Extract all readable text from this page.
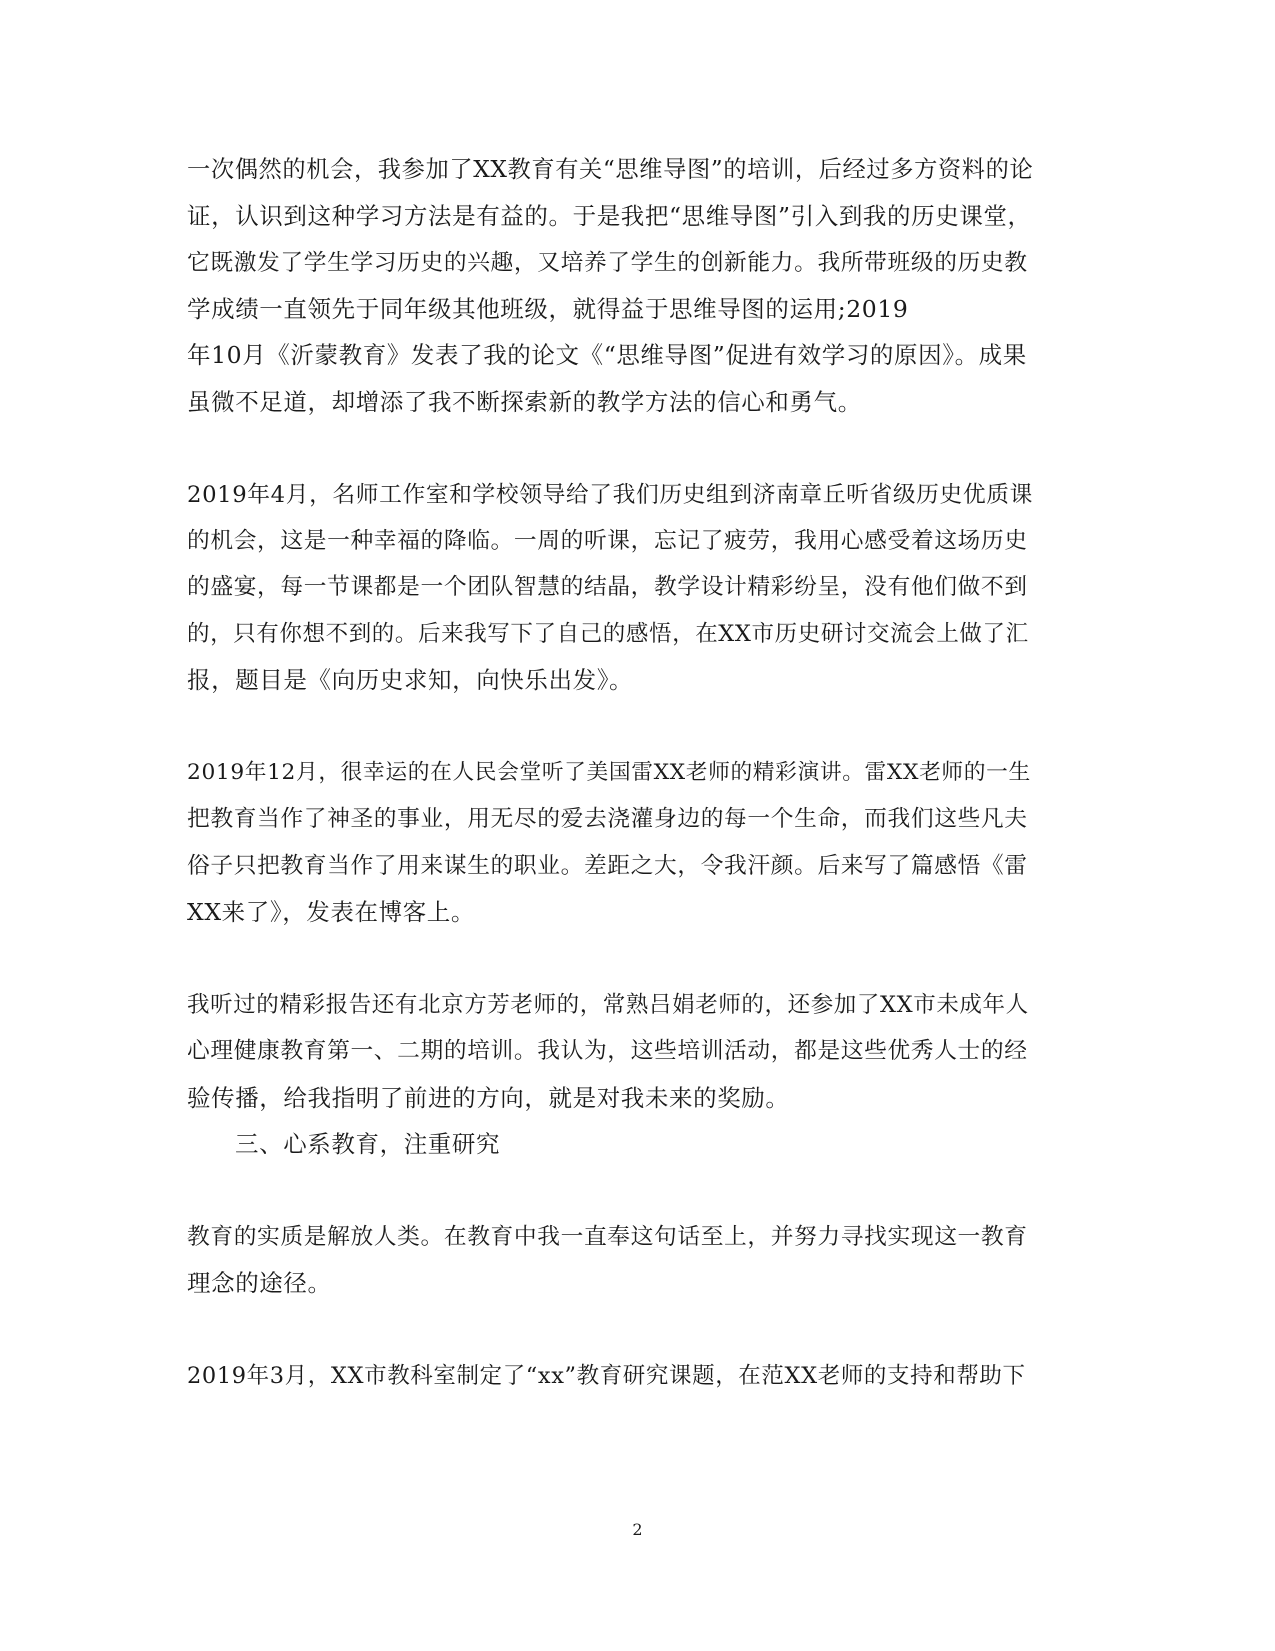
一次偶然的机会，我参加了XX教育有关“思维导图”的培训，后经过多方资料的论
证，认识到这种学习方法是有益的。于是我把“思维导图”引入到我的历史课堂，
它既激发了学生学习历史的兴趣，又培养了学生的创新能力。我所带班级的历史教
学成绩一直领先于同年级其他班级，就得益于思维导图的运用;2019
年10月《沂蒙教育》发表了我的论文《“思维导图”促进有效学习的原因》。成果
虽微不足道，却增添了我不断探索新的教学方法的信心和勇气。
2019年4月，名师工作室和学校领导给了我们历史组到济南章丘听省级历史优质课
的机会，这是一种幸福的降临。一周的听课，忘记了疲劳，我用心感受着这场历史
的盛宴，每一节课都是一个团队智慧的结晶，教学设计精彩纷呈，没有他们做不到
的，只有你想不到的。后来我写下了自己的感悟，在XX市历史研讨交流会上做了汇
报，题目是《向历史求知，向快乐出发》。
2019年12月，很幸运的在人民会堂听了美国雷XX老师的精彩演讲。雷XX老师的一生
把教育当作了神圣的事业，用无尽的爱去浇灌身边的每一个生命，而我们这些凡夫
俗子只把教育当作了用来谋生的职业。差距之大，令我汗颜。后来写了篇感悟《雷
XX来了》，发表在博客上。
我听过的精彩报告还有北京方芳老师的，常熟吕娟老师的，还参加了XX市未成年人
心理健康教育第一、二期的培训。我认为，这些培训活动，都是这些优秀人士的经
验传播，给我指明了前进的方向，就是对我未来的奖励。
三、心系教育，注重研究
教育的实质是解放人类。在教育中我一直奉这句话至上，并努力寻找实现这一教育
理念的途径。
2019年3月，XX市教科室制定了“xx”教育研究课题，在范XX老师的支持和帮助下
2
